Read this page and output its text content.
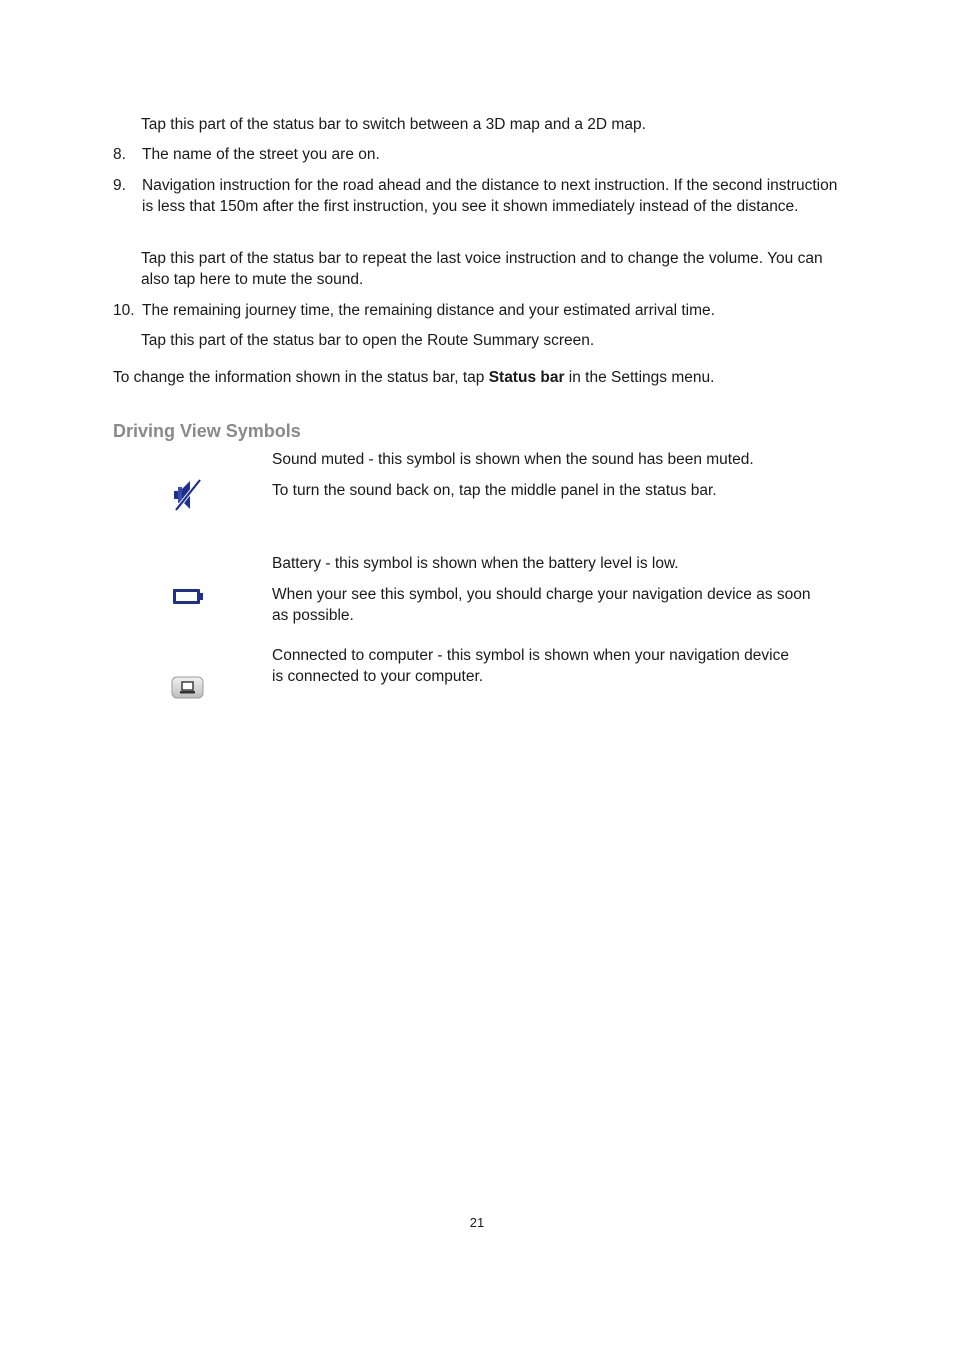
Tap this part of the status bar to switch between a 3D map and a 2D map.
8.	The name of the street you are on.
9.	Navigation instruction for the road ahead and the distance to next instruction. If the second instruction is less that 150m after the first instruction, you see it shown immediately instead of the distance.
Tap this part of the status bar to repeat the last voice instruction and to change the volume. You can also tap here to mute the sound.
10. The remaining journey time, the remaining distance and your estimated arrival time.
Tap this part of the status bar to open the Route Summary screen.
To change the information shown in the status bar, tap Status bar in the Settings menu.
Driving View Symbols
Sound muted - this symbol is shown when the sound has been muted.
To turn the sound back on, tap the middle panel in the status bar.
Battery - this symbol is shown when the battery level is low.
When your see this symbol, you should charge your navigation device as soon as possible.
Connected to computer - this symbol is shown when your navigation device is connected to your computer.
21
